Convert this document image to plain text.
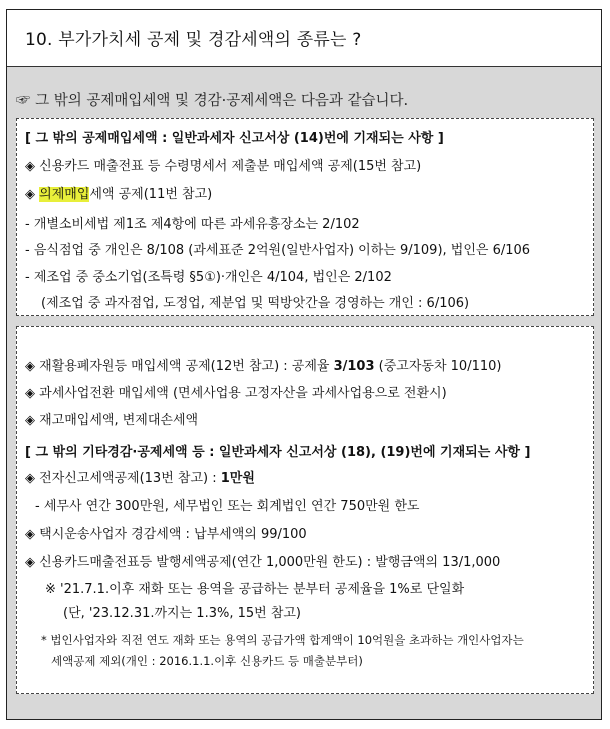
10. 부가가치세 공제 및 경감세액의 종류는 ?
☞ 그 밖의 공제매입세액 및 경감·공제세액은 다음과 같습니다.
[ 그 밖의 공제매입세액 : 일반과세자 신고서상 (14)번에 기재되는 사항 ]
◈ 신용카드 매출전표 등 수령명세서 제출분 매입세액 공제(15번 참고)
◈ 의제매입세액 공제(11번 참고)
- 개별소비세법 제1조 제4항에 따른 과세유흥장소는 2/102
- 음식점업 중 개인은 8/108 (과세표준 2억원(일반사업자) 이하는 9/109), 법인은 6/106
- 제조업 중 중소기업(조특령 §5①)·개인은 4/104, 법인은 2/102
(제조업 중 과자점업, 도정업, 제분업 및 떡방앗간을 경영하는 개인 : 6/106)
◈ 재활용폐자원등 매입세액 공제(12번 참고) : 공제율 3/103 (중고자동차 10/110)
◈ 과세사업전환 매입세액 (면세사업용 고정자산을 과세사업용으로 전환시)
◈ 재고매입세액, 변제대손세액
[ 그 밖의 기타경감·공제세액 등 : 일반과세자 신고서상 (18), (19)번에 기재되는 사항 ]
◈ 전자신고세액공제(13번 참고) : 1만원
- 세무사 연간 300만원, 세무법인 또는 회계법인 연간 750만원 한도
◈ 택시운송사업자 경감세액 : 납부세액의 99/100
◈ 신용카드매출전표등 발행세액공제(연간 1,000만원 한도) : 발행금액의 13/1,000
※ '21.7.1.이후 재화 또는 용역을 공급하는 분부터 공제율을 1%로 단일화
(단, '23.12.31.까지는 1.3%, 15번 참고)
* 법인사업자와 직전 연도 재화 또는 용역의 공급가액 합계액이 10억원을 초과하는 개인사업자는
세액공제 제외(개인 : 2016.1.1.이후 신용카드 등 매출분부터)
